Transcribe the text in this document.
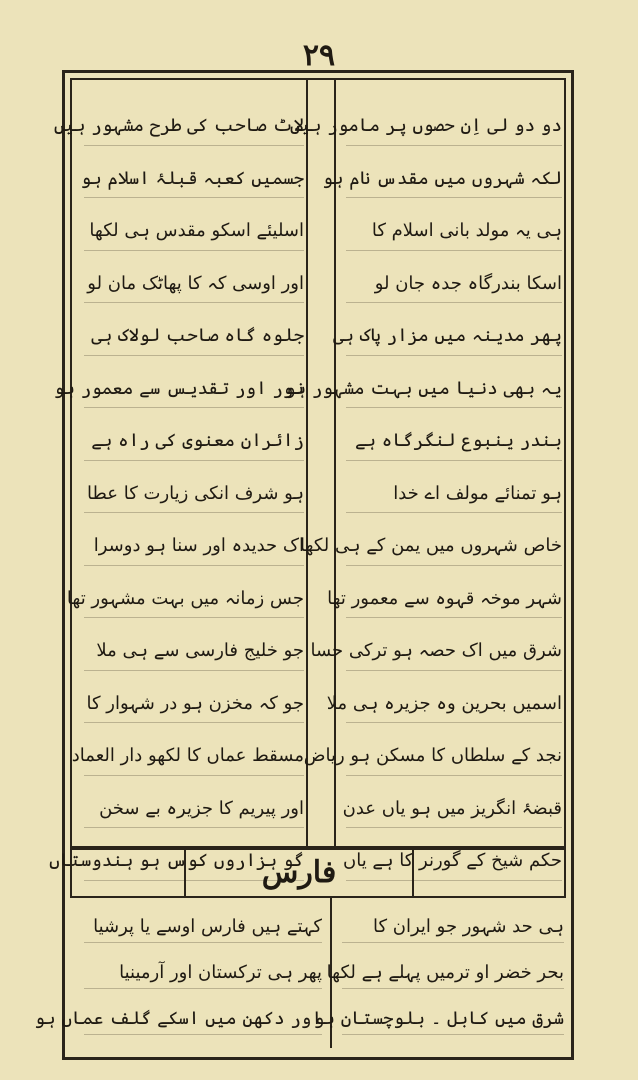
۲۹
دو دو لی اِن حصوں پر مامور ہیں
لکہ شہروں میں مقدس نام ہو
ہی یہ مولد بانی اسلام کا
اسکا بندرگاہ جدہ جان لو
پھر مدینہ میں مزار پاک ہی
یہ بھی دنیا میں بہت مشہور ہو
بندر ینبوع لنگرگاہ ہے
ہو تمنائے مولف اے خدا
خاص شہروں میں یمن کے ہی لکھا
شہر موخہ قہوہ سے معمور تھا
شرق میں اک حصہ ہو ترکی حسا
اسمیں بحرین وہ جزیرہ ہی ملا
نجد کے سلطاں کا مسکن ہو ریاض
قبضۂ انگریز میں ہو یاں عدن
حکم شیخ کے گورنر کا ہے یاں
لاٹ صاحب کی طرح مشہور ہیں
جسمیں کعبہ قبلۂ اسلام ہو
اسلیئے اسکو مقدس ہی لکھا
اور اوسی کہ کا پھاٹک مان لو
جلوہ گاہ صاحب لولاک ہی
نور اور تقدیس سے معمور ہو
زائران معنوی کی راہ ہے
ہو شرف انکی زیارت کا عطا
اک حدیدہ اور سنا ہو دوسرا
جس زمانہ میں بہت مشہور تھا
جو خلیج فارسی سے ہی ملا
جو کہ مخزن ہو در شہوار کا
مسقط عماں کا لکھو دار العماد
اور پیریم کا جزیرہ بے سخن
گو ہزاروں کوس ہو ہندوستاں
فارس
ہی حد شہور جو ایران کا
بحر خضر او ترمیں پہلے ہے لکھا
شرق میں کابل ۔ بلوچستان ہو
کہتے ہیں فارس اوسے یا پرشیا
پھر ہی ترکستان اور آرمینیا
اور دکھن میں اسکے گلف عماں ہو
